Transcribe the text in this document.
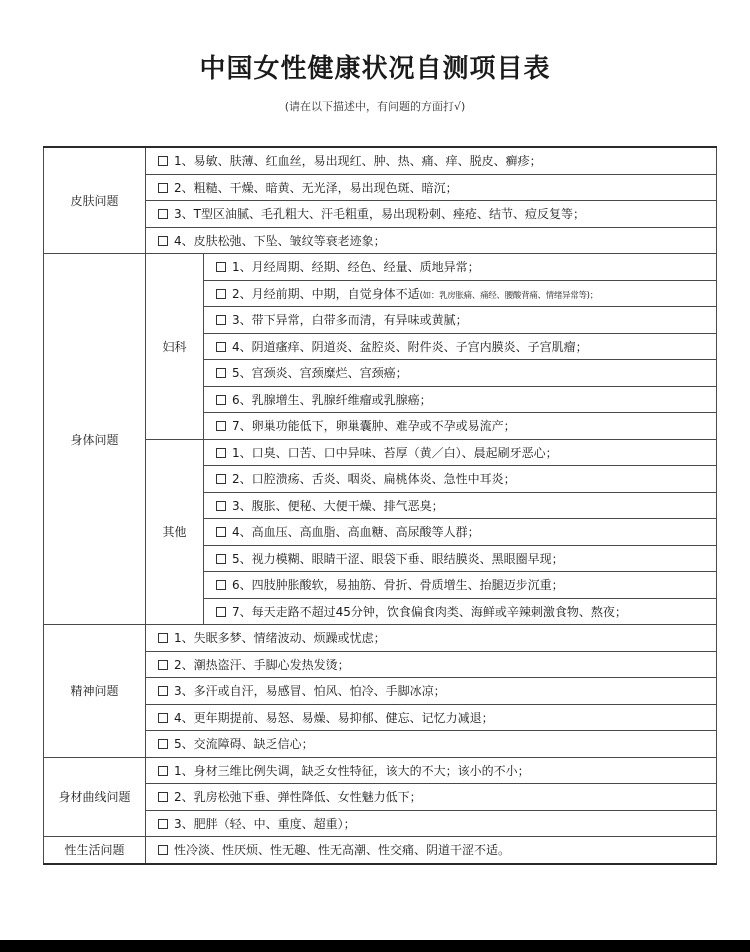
中国女性健康状况自测项目表
(请在以下描述中，有问题的方面打√)
皮肤问题	1、易敏、肤薄、红血丝，易出现红、肿、热、痛、痒、脱皮、癣疹；	
	2、粗糙、干燥、暗黄、无光泽，易出现色斑、暗沉；	
	3、T型区油腻、毛孔粗大、汗毛粗重，易出现粉刺、痤疮、结节、痘反复等；	
	4、皮肤松弛、下坠、皱纹等衰老迹象；	
身体问题	妇科	1、月经周期、经期、经色、经量、质地异常；
		2、月经前期、中期，自觉身体不适(如：乳房胀痛、痛经、腰酸背痛、情绪异常等)；
		3、带下异常，白带多而清，有异味或黄腻；
		4、阴道瘙痒、阴道炎、盆腔炎、附件炎、子宫内膜炎、子宫肌瘤；
		5、宫颈炎、宫颈糜烂、宫颈癌；
		6、乳腺增生、乳腺纤维瘤或乳腺癌；
		7、卵巢功能低下，卵巢囊肿、难孕或不孕或易流产；
	其他	1、口臭、口苦、口中异味、苔厚（黄／白）、晨起刷牙恶心；
		2、口腔溃疡、舌炎、咽炎、扁桃体炎、急性中耳炎；
		3、腹胀、便秘、大便干燥、排气恶臭；
		4、高血压、高血脂、高血糖、高尿酸等人群；
		5、视力模糊、眼睛干涩、眼袋下垂、眼结膜炎、黑眼圈早现；
		6、四肢肿胀酸软，易抽筋、骨折、骨质增生、抬腿迈步沉重；
		7、每天走路不超过45分钟，饮食偏食肉类、海鲜或辛辣刺激食物、熬夜；
精神问题	1、失眠多梦、情绪波动、烦躁或忧虑；	
	2、潮热盗汗、手脚心发热发烫；	
	3、多汗或自汗，易感冒、怕风、怕冷、手脚冰凉；	
	4、更年期提前、易怒、易燥、易抑郁、健忘、记忆力减退；	
	5、交流障碍、缺乏信心；	
身材曲线问题	1、身材三维比例失调，缺乏女性特征，该大的不大；该小的不小；	
	2、乳房松弛下垂、弹性降低、女性魅力低下；	
	3、肥胖（轻、中、重度、超重）；	
性生活问题	性冷淡、性厌烦、性无趣、性无高潮、性交痛、阴道干涩不适。	
